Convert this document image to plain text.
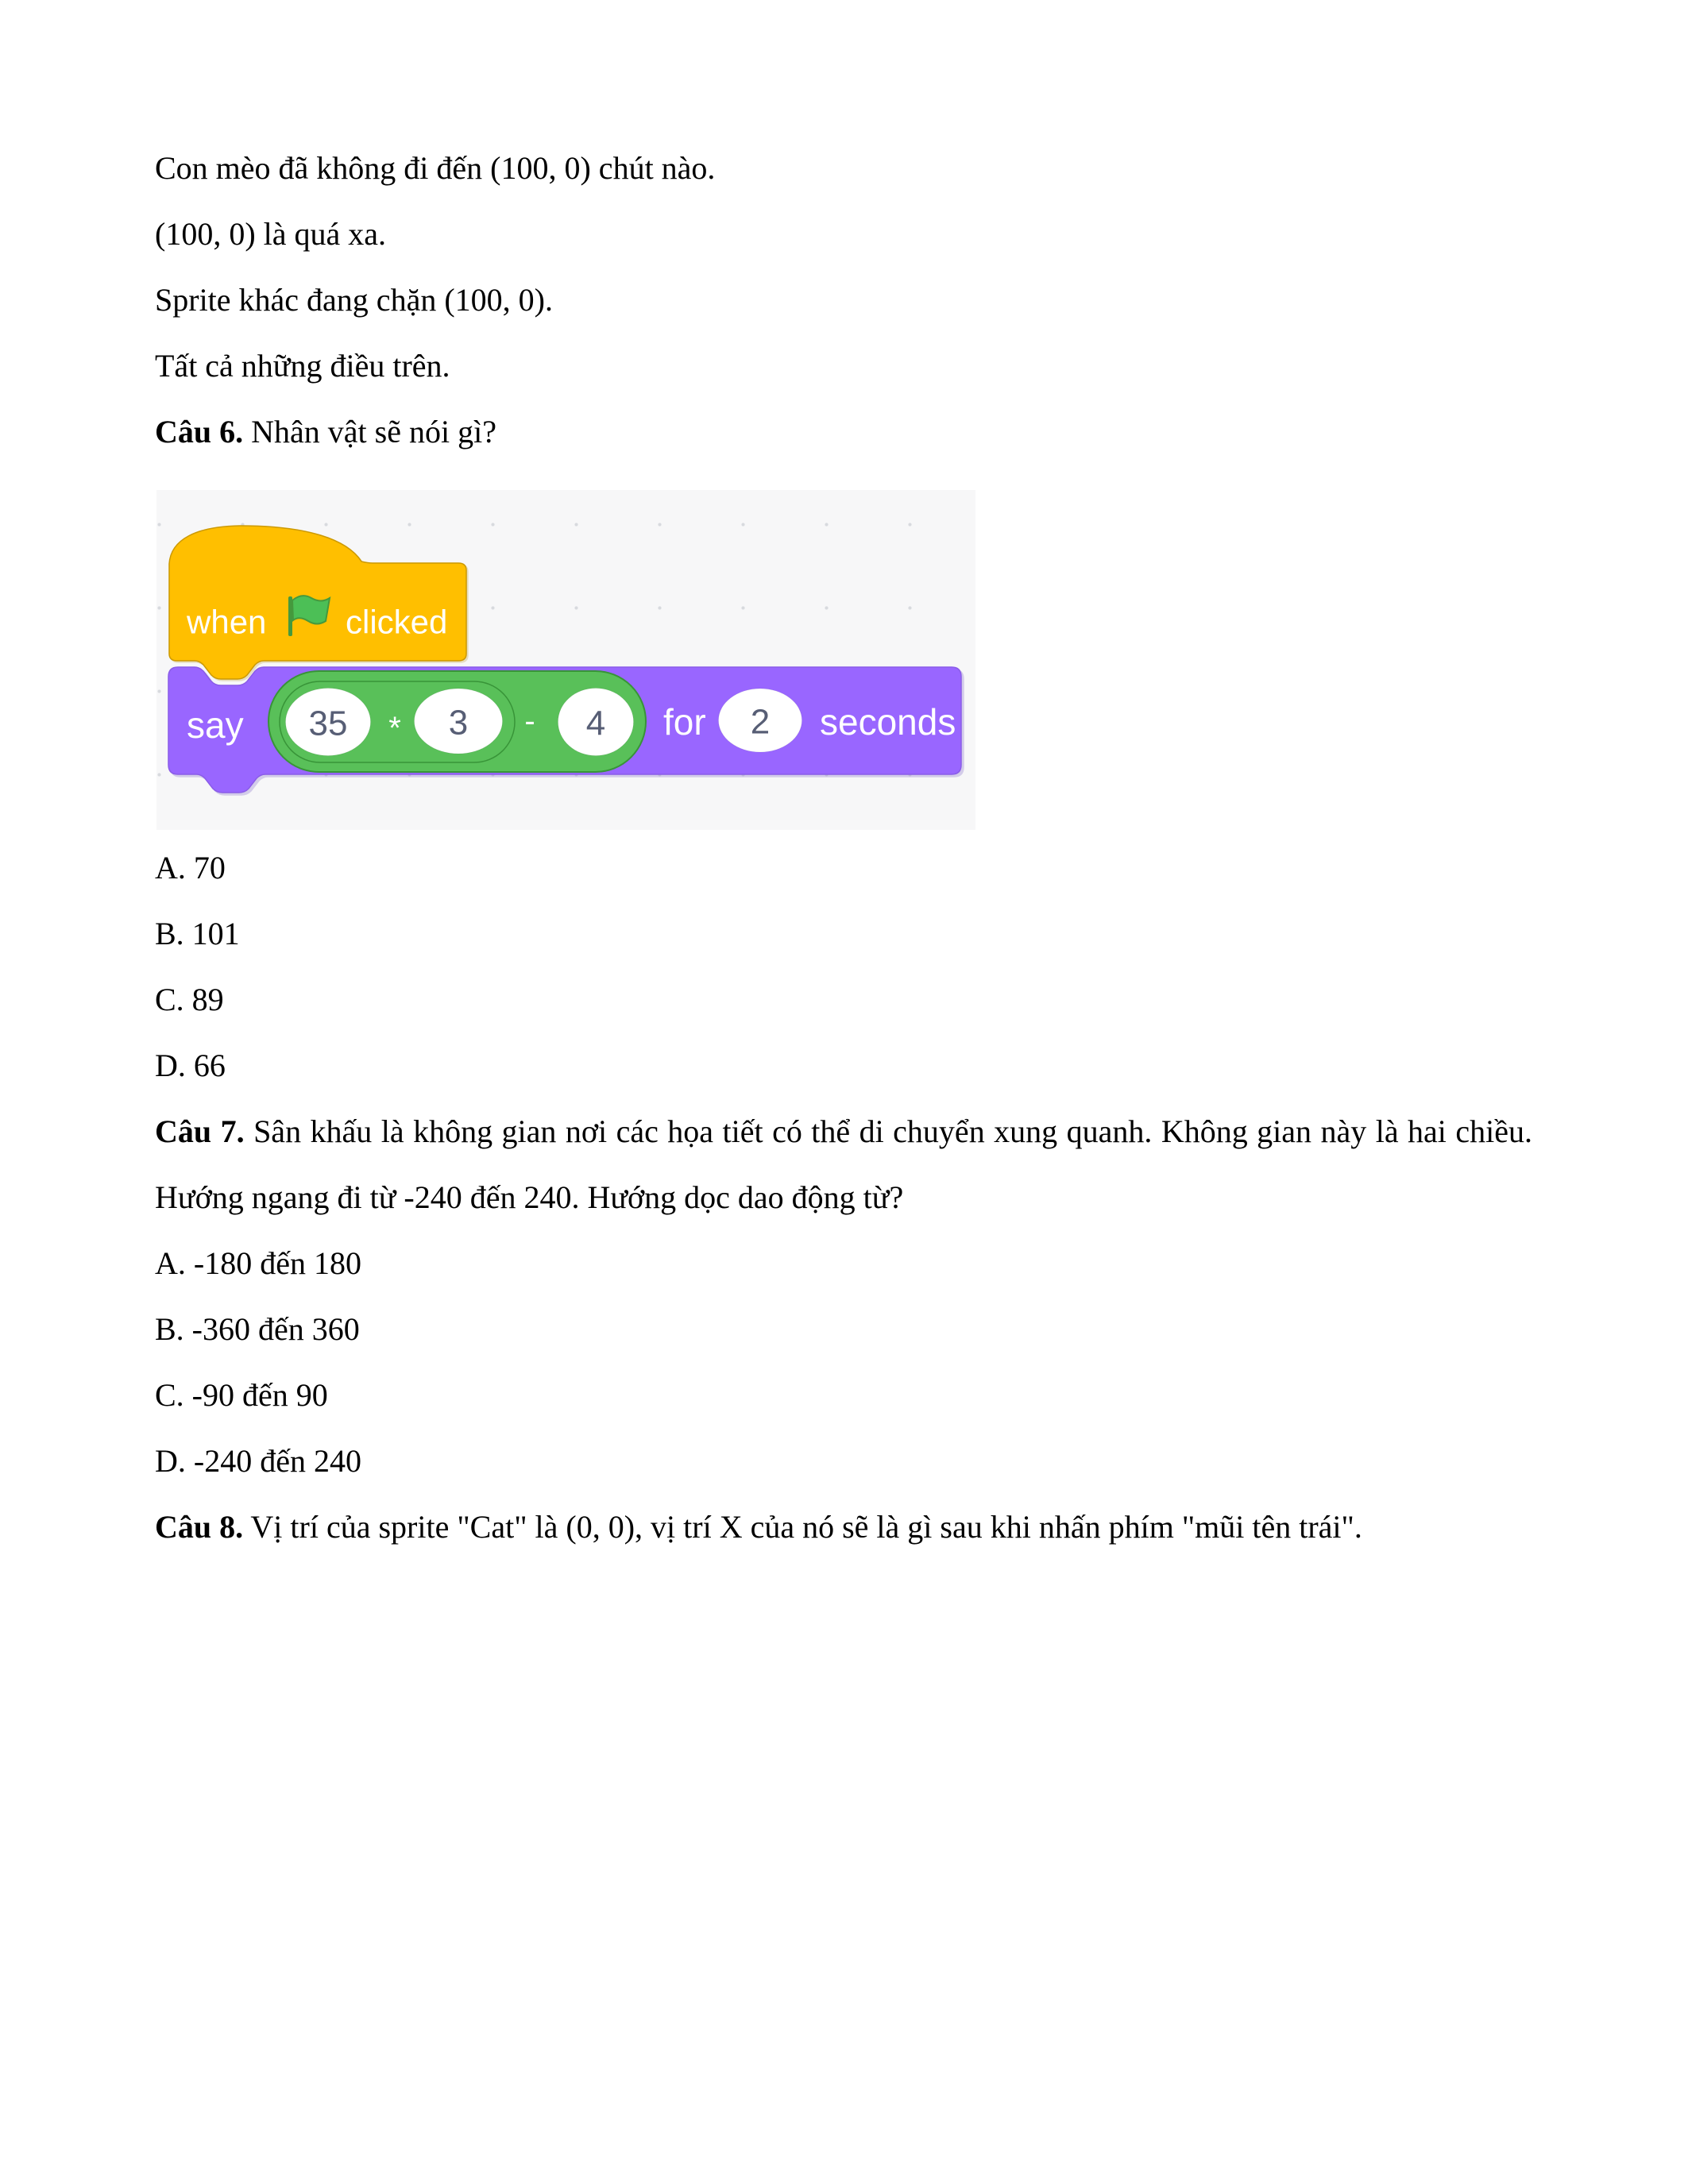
Con mèo đã không đi đến (100, 0) chút nào.

(100, 0) là quá xa.

Sprite khác đang chặn (100, 0).

Tất cả những điều trên.

Câu 6. Nhân vật sẽ nói gì?

say 35 * 3 - 4 for 2 seconds
when clicked

A. 70

B. 101

C. 89

D. 66

Câu 7. Sân khấu là không gian nơi các họa tiết có thể di chuyển xung quanh. Không gian này là hai chiều. Hướng ngang đi từ -240 đến 240. Hướng dọc dao động từ?

A. -180 đến 180

B. -360 đến 360

C. -90 đến 90

D. -240 đến 240

Câu 8. Vị trí của sprite "Cat" là (0, 0), vị trí X của nó sẽ là gì sau khi nhấn phím "mũi tên trái".
